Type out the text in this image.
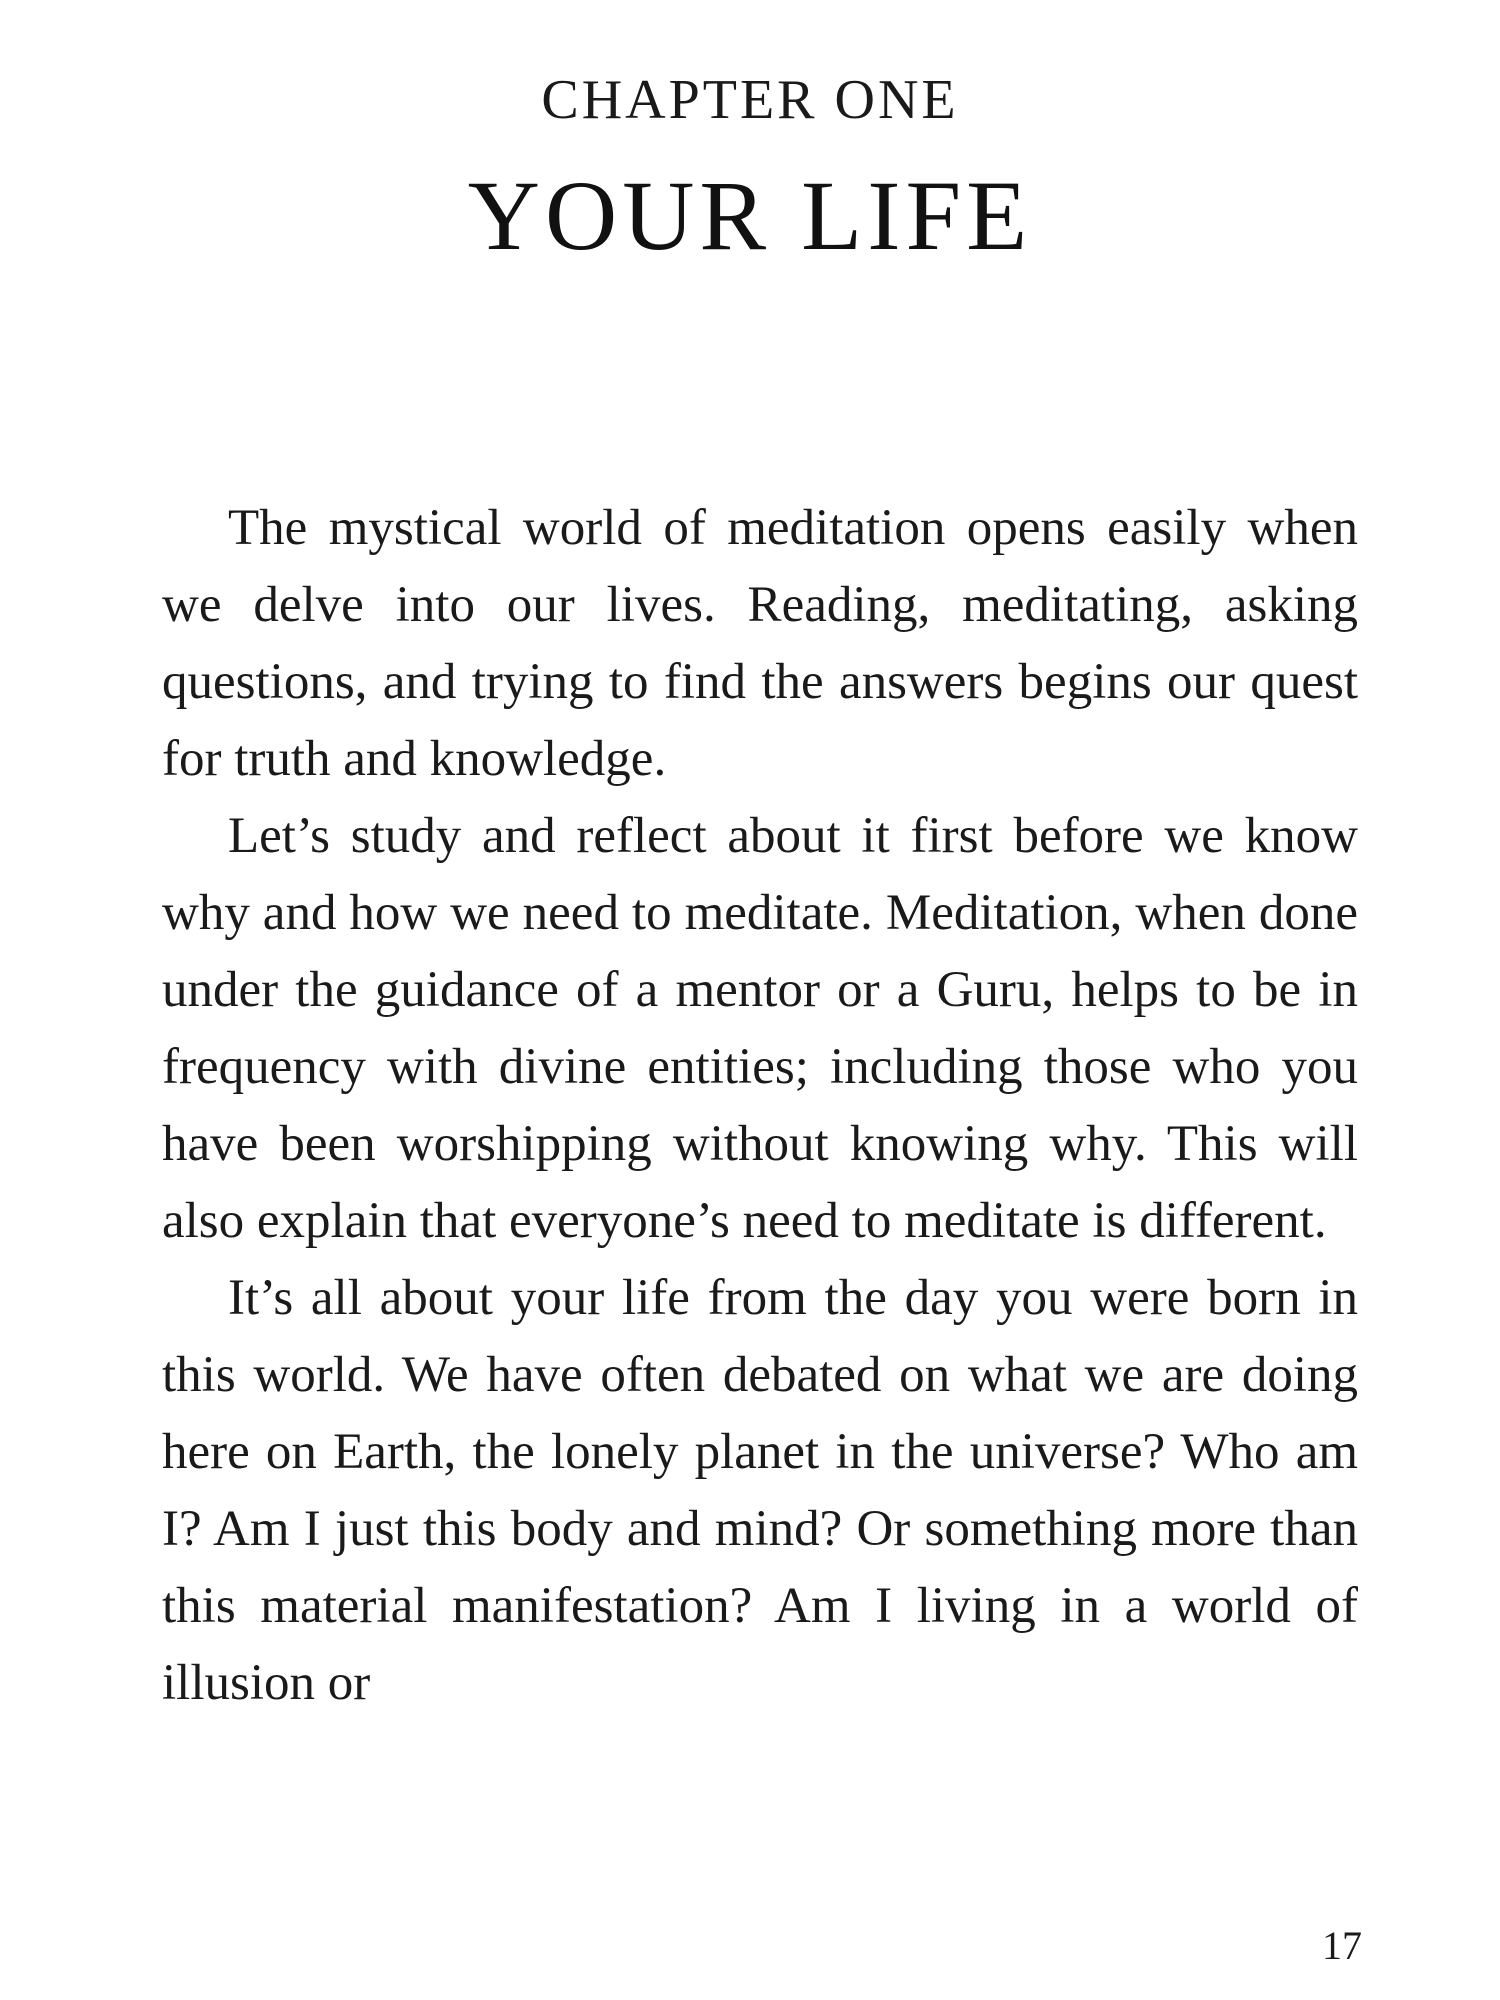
CHAPTER ONE
YOUR LIFE

The mystical world of meditation opens easily when we delve into our lives. Reading, meditating, asking questions, and trying to find the answers begins our quest for truth and knowledge.

Let’s study and reflect about it first before we know why and how we need to meditate. Meditation, when done under the guidance of a mentor or a Guru, helps to be in frequency with divine entities; including those who you have been worshipping without knowing why. This will also explain that everyone’s need to meditate is different.

It’s all about your life from the day you were born in this world. We have often debated on what we are doing here on Earth, the lonely planet in the universe? Who am I? Am I just this body and mind? Or something more than this material manifestation? Am I living in a world of illusion or

17
